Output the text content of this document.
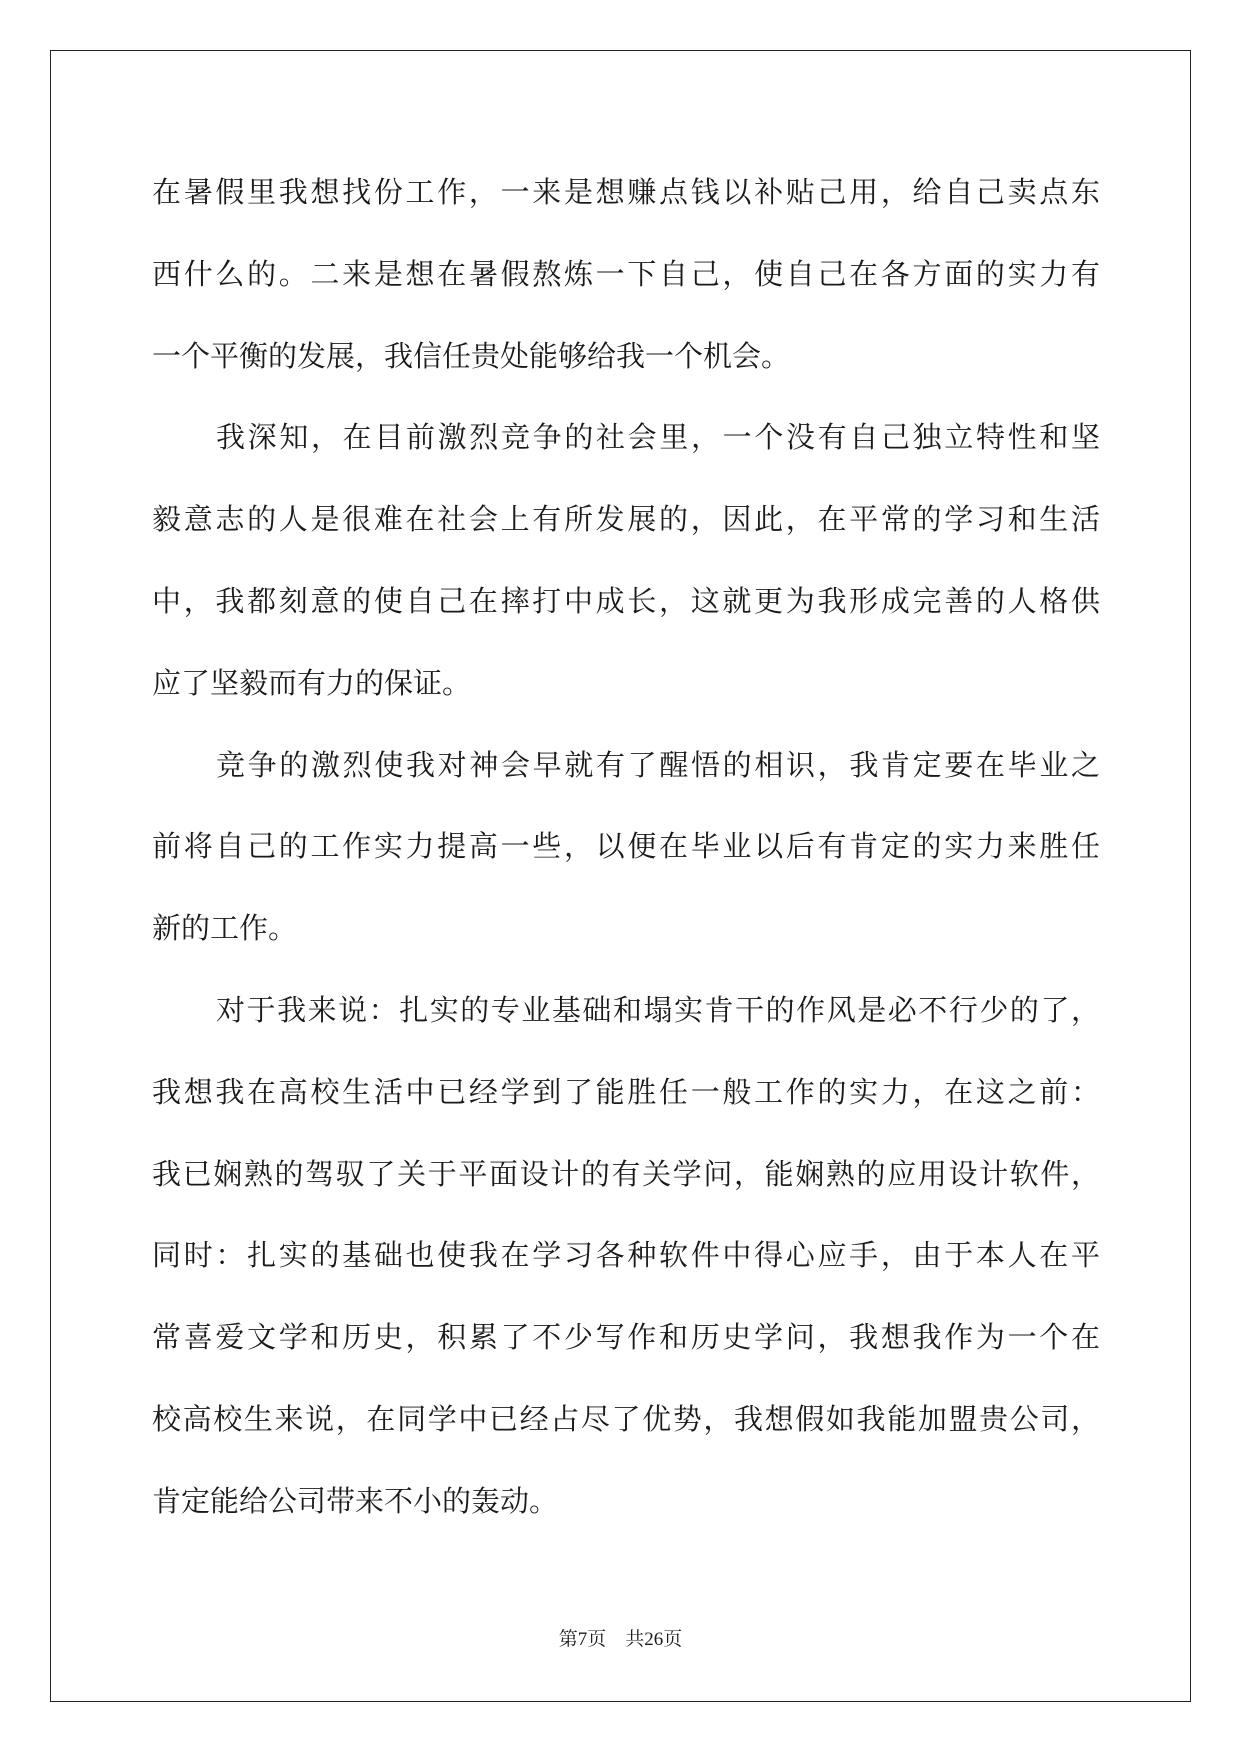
在暑假里我想找份工作，一来是想赚点钱以补贴己用，给自己卖点东
西什么的。二来是想在暑假熬炼一下自己，使自己在各方面的实力有
一个平衡的发展，我信任贵处能够给我一个机会。
我深知，在目前激烈竞争的社会里，一个没有自己独立特性和坚
毅意志的人是很难在社会上有所发展的，因此，在平常的学习和生活
中，我都刻意的使自己在摔打中成长，这就更为我形成完善的人格供
应了坚毅而有力的保证。
竞争的激烈使我对神会早就有了醒悟的相识，我肯定要在毕业之
前将自己的工作实力提高一些，以便在毕业以后有肯定的实力来胜任
新的工作。
对于我来说：扎实的专业基础和塌实肯干的作风是必不行少的了，
我想我在高校生活中已经学到了能胜任一般工作的实力，在这之前：
我已娴熟的驾驭了关于平面设计的有关学问，能娴熟的应用设计软件，
同时：扎实的基础也使我在学习各种软件中得心应手，由于本人在平
常喜爱文学和历史，积累了不少写作和历史学问，我想我作为一个在
校高校生来说，在同学中已经占尽了优势，我想假如我能加盟贵公司，
肯定能给公司带来不小的轰动。
第7页 共26页
